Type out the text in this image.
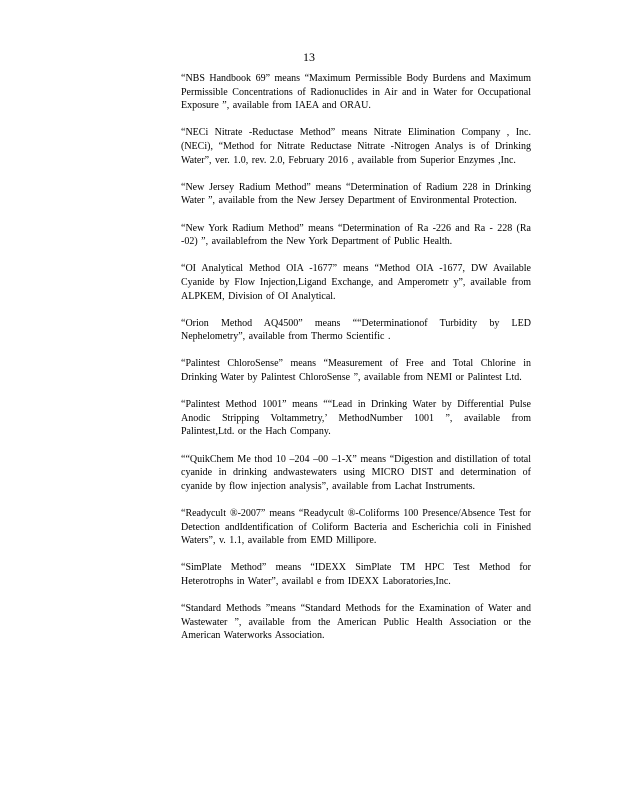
13

“NBS Handbook 69” means “Maximum Permissible Body Burdens and Maximum Permissible Concentrations of Radionuclides in Air and in Water for Occupational Exposure ”, available from IAEA and ORAU.

“NECi Nitrate -Reductase Method” means Nitrate Elimination Company , Inc. (NECi), “Method for Nitrate Reductase Nitrate -Nitrogen Analys is of Drinking Water”, ver. 1.0, rev. 2.0, February 2016 , available from Superior Enzymes ,Inc.

“New Jersey Radium Method” means “Determination of Radium 228 in Drinking Water ”, available from the New Jersey Department of Environmental Protection.

“New York Radium Method” means “Determination of Ra -226 and Ra - 228 (Ra -02) ”, availablefrom the New York Department of Public Health.

“OI Analytical Method OIA -1677” means “Method OIA -1677, DW Available Cyanide by Flow Injection,Ligand Exchange, and Amperometr y”, available from ALPKEM, Division of OI Analytical.

“Orion Method AQ4500” means ““Determinationof Turbidity by LED Nephelometry”, available from Thermo Scientific .

“Palintest ChloroSense” means “Measurement of Free and Total Chlorine in Drinking Water by Palintest ChloroSense ”, available from NEMI or Palintest Ltd.

“Palintest Method 1001” means ““Lead in Drinking Water by Differential Pulse Anodic Stripping Voltammetry,’ MethodNumber 1001 ”, available from Palintest,Ltd. or the Hach Company.

““QuikChem Me thod 10 –204 –00 –1-X” means “Digestion and distillation of total cyanide in drinking andwastewaters using MICRO DIST and determination of cyanide by flow injection analysis”, available from Lachat Instruments.

“Readycult ®-2007” means “Readycult ®-Coliforms 100 Presence/Absence Test for Detection andIdentification of Coliform Bacteria and Escherichia coli in Finished Waters”, v. 1.1, available from EMD Millipore.

“SimPlate Method” means “IDEXX SimPlate TM HPC Test Method for Heterotrophs in Water”, availabl e from IDEXX Laboratories,Inc.

“Standard Methods ”means “Standard Methods for the Examination of Water and Wastewater ”, available from the American Public Health Association or the American Waterworks Association.
